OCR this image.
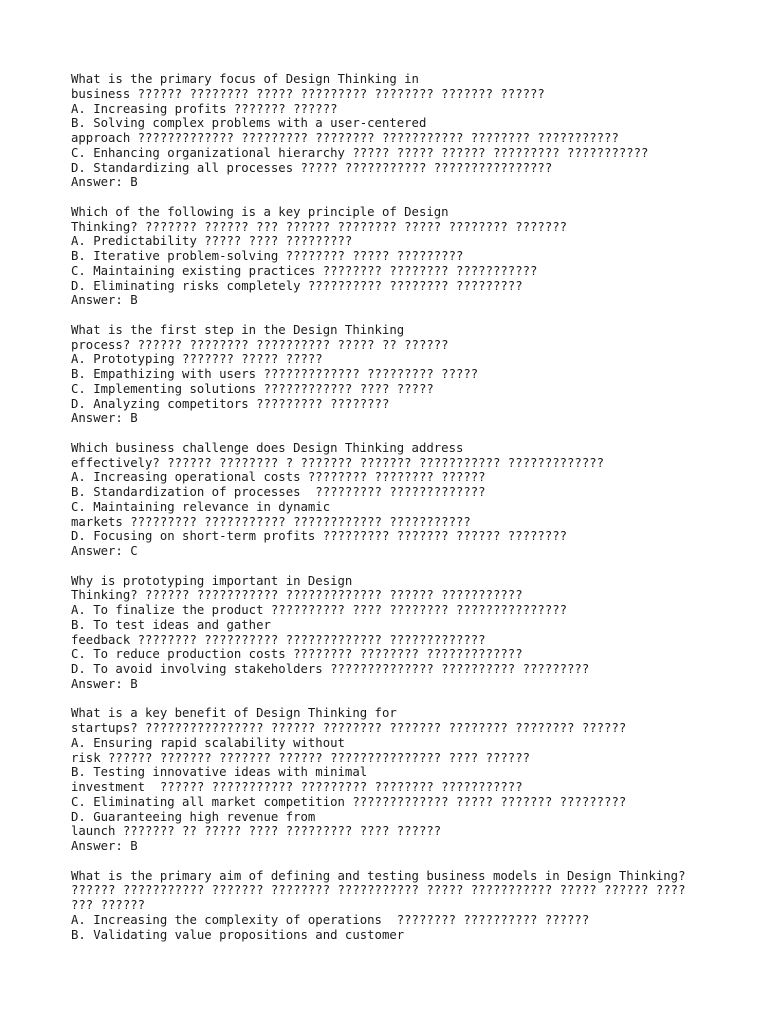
What is the primary focus of Design Thinking in
business ?????? ???????? ????? ????????? ???????? ??????? ??????
A. Increasing profits ??????? ??????
B. Solving complex problems with a user-centered
approach ????????????? ????????? ???????? ??????????? ???????? ???????????
C. Enhancing organizational hierarchy ????? ????? ?????? ????????? ???????????
D. Standardizing all processes ????? ??????????? ????????????????
Answer: B
Which of the following is a key principle of Design
Thinking? ??????? ?????? ??? ?????? ???????? ????? ???????? ???????
A. Predictability ????? ???? ?????????
B. Iterative problem-solving ???????? ????? ?????????
C. Maintaining existing practices ???????? ???????? ???????????
D. Eliminating risks completely ?????????? ???????? ?????????
Answer: B
What is the first step in the Design Thinking
process? ?????? ???????? ?????????? ????? ?? ??????
A. Prototyping ??????? ????? ?????
B. Empathizing with users ????????????? ????????? ?????
C. Implementing solutions ???????????? ???? ?????
D. Analyzing competitors ????????? ????????
Answer: B
Which business challenge does Design Thinking address
effectively? ?????? ???????? ? ??????? ??????? ??????????? ?????????????
A. Increasing operational costs ???????? ???????? ??????
B. Standardization of processes  ????????? ?????????????
C. Maintaining relevance in dynamic
markets ????????? ??????????? ???????????? ???????????
D. Focusing on short-term profits ????????? ??????? ?????? ????????
Answer: C
Why is prototyping important in Design
Thinking? ?????? ??????????? ????????????? ?????? ???????????
A. To finalize the product ?????????? ???? ???????? ???????????????
B. To test ideas and gather
feedback ???????? ?????????? ????????????? ?????????????
C. To reduce production costs ???????? ???????? ?????????????
D. To avoid involving stakeholders ?????????????? ?????????? ?????????
Answer: B
What is a key benefit of Design Thinking for
startups? ???????????????? ?????? ???????? ??????? ???????? ???????? ??????
A. Ensuring rapid scalability without
risk ?????? ??????? ??????? ?????? ??????????????? ???? ??????
B. Testing innovative ideas with minimal
investment  ?????? ??????????? ????????? ???????? ???????????
C. Eliminating all market competition ????????????? ????? ??????? ?????????
D. Guaranteeing high revenue from
launch ??????? ?? ????? ???? ????????? ???? ??????
Answer: B
What is the primary aim of defining and testing business models in Design Thinking?
?????? ??????????? ??????? ???????? ??????????? ????? ??????????? ????? ?????? ????
??? ??????
A. Increasing the complexity of operations  ???????? ?????????? ??????
B. Validating value propositions and customer
